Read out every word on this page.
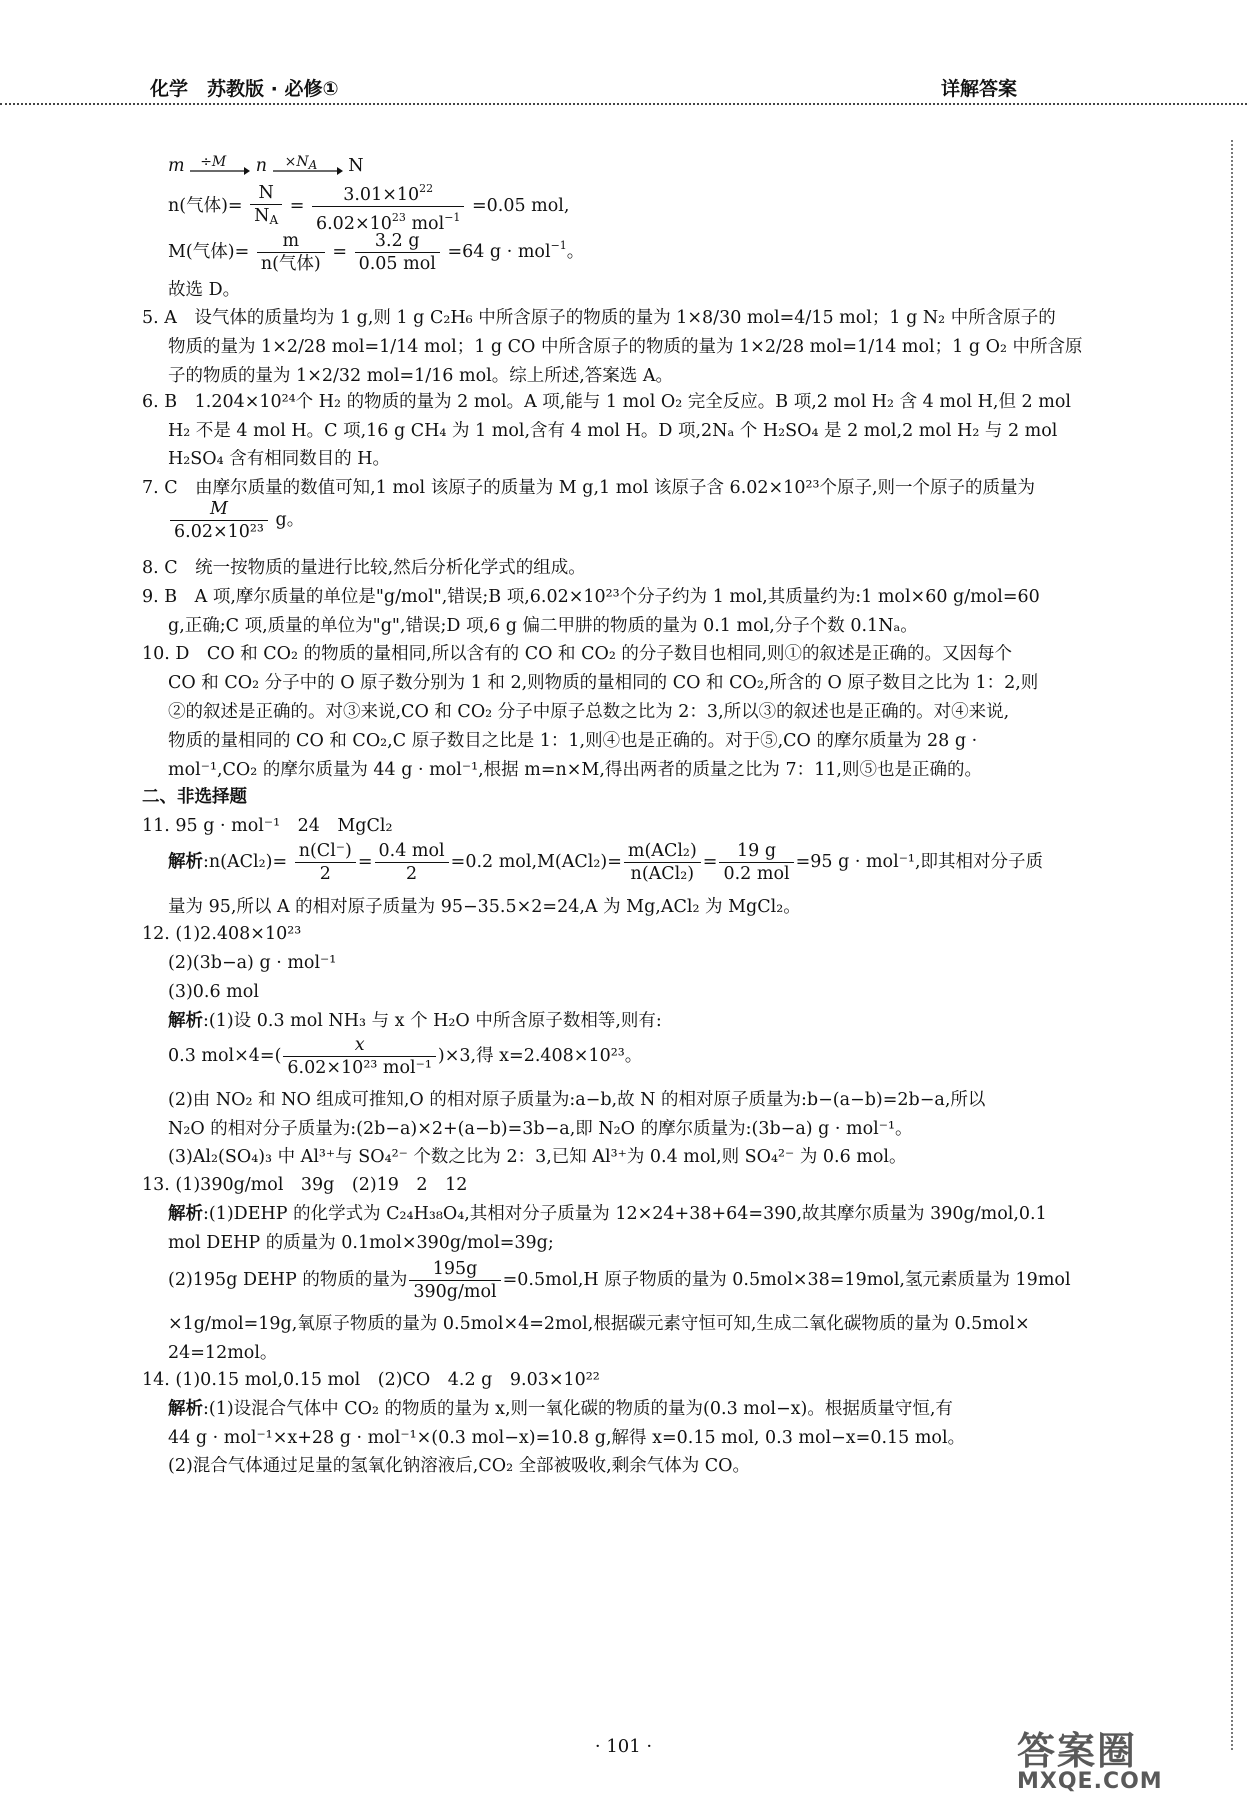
化学　苏教版 · 必修①	详解答案
m ÷M n ×NA N
n(气体)= $\frac{N}{N_A} = \frac{3.01\times 10^{22}}{6.02\times 10^{23} mol^{-1}} =0.05$ mol,
M(气体)= $\frac{m}{\text{n(气体)}} = \frac{3.2 g}{\text{0.05 mol}} =64$ g · mol$^{-1}$。
故选 D。
5. A　设气体的质量均为 1 g,则 1 g C₂H₆ 中所含原子的物质的量为 1×8/30 mol=4/15 mol；1 g N₂ 中所含原子的
物质的量为 1×2/28 mol=1/14 mol；1 g CO 中所含原子的物质的量为 1×2/28 mol=1/14 mol；1 g O₂ 中所含原
子的物质的量为 1×2/32 mol=1/16 mol。综上所述,答案选 A。
6. B　1.204×10²⁴个 H₂ 的物质的量为 2 mol。A 项,能与 1 mol O₂ 完全反应。B 项,2 mol H₂ 含 4 mol H,但 2 mol
H₂ 不是 4 mol H。C 项,16 g CH₄ 为 1 mol,含有 4 mol H。D 项,2Nₐ 个 H₂SO₄ 是 2 mol,2 mol H₂ 与 2 mol
H₂SO₄ 含有相同数目的 H。
7. C　由摩尔质量的数值可知,1 mol 该原子的质量为 M g,1 mol 该原子含 6.02×10²³个原子,则一个原子的质量为
$\frac{M}{\text{6.02×10²³}}$ g。
8. C　统一按物质的量进行比较,然后分析化学式的组成。
9. B　A 项,摩尔质量的单位是"g/mol",错误;B 项,6.02×10²³个分子约为 1 mol,其质量约为:1 mol×60 g/mol=60
g,正确;C 项,质量的单位为"g",错误;D 项,6 g 偏二甲肼的物质的量为 0.1 mol,分子个数 0.1Nₐ。
10. D　CO 和 CO₂ 的物质的量相同,所以含有的 CO 和 CO₂ 的分子数目也相同,则①的叙述是正确的。又因每个
CO 和 CO₂ 分子中的 O 原子数分别为 1 和 2,则物质的量相同的 CO 和 CO₂,所含的 O 原子数目之比为 1：2,则
②的叙述是正确的。对③来说,CO 和 CO₂ 分子中原子总数之比为 2：3,所以③的叙述也是正确的。对④来说,
物质的量相同的 CO 和 CO₂,C 原子数目之比是 1：1,则④也是正确的。对于⑤,CO 的摩尔质量为 28 g ·
mol⁻¹,CO₂ 的摩尔质量为 44 g · mol⁻¹,根据 m=n×M,得出两者的质量之比为 7：11,则⑤也是正确的。
二、非选择题
11. 95 g · mol⁻¹　24　MgCl₂
解析:n(ACl₂)= $\frac{n(Cl^-)}{2} = \frac{\text{0.4 mol}}{2} =0.2$ $mol,M(ACl_2)= \frac{\text{m(ACl₂)}}{\text{n(ACl₂)}} = \frac{19 g}{\text{0.2 mol}} =95$ g · mol⁻¹,即其相对分子质
量为 95,所以 A 的相对原子质量为 95−35.5×2=24,A 为 Mg,ACl₂ 为 MgCl₂。
12. (1)2.408×10²³
(2)(3b−a) g · mol⁻¹
(3)0.6 mol
解析:(1)设 0.3 mol NH₃ 与 x 个 H₂O 中所含原子数相等,则有:
0.3 $mol\times 4=( \frac{x}{\text{6.02×10²³ mol⁻¹}} )\times 3$,得 x=2.408×10²³。
(2)由 NO₂ 和 NO 组成可推知,O 的相对原子质量为:a−b,故 N 的相对原子质量为:b−(a−b)=2b−a,所以
N₂O 的相对分子质量为:(2b−a)×2+(a−b)=3b−a,即 N₂O 的摩尔质量为:(3b−a) g · mol⁻¹。
(3)Al₂(SO₄)₃ 中 Al³⁺与 SO₄²⁻ 个数之比为 2：3,已知 Al³⁺为 0.4 mol,则 SO₄²⁻ 为 0.6 mol。
13. (1)390g/mol　39g　(2)19　2　12
解析:(1)DEHP 的化学式为 C₂₄H₃₈O₄,其相对分子质量为 12×24+38+64=390,故其摩尔质量为 390g/mol,0.1
mol DEHP 的质量为 0.1mol×390g/mol=39g;
(2)195g DEHP 的物质的量为 $\frac{195g}{\text{390g/mol}} =0.5mol,H$ 原子物质的量为 0.5mol×38=19mol,氢元素质量为 19mol
×1g/mol=19g,氧原子物质的量为 0.5mol×4=2mol,根据碳元素守恒可知,生成二氧化碳物质的量为 0.5mol×
24=12mol。
14. (1)0.15 mol,0.15 mol　(2)CO　4.2 g　9.03×10²²
解析:(1)设混合气体中 CO₂ 的物质的量为 x,则一氧化碳的物质的量为(0.3 mol−x)。根据质量守恒,有
44 g · mol⁻¹×x+28 g · mol⁻¹×(0.3 mol−x)=10.8 g,解得 x=0.15 mol, 0.3 mol−x=0.15 mol。
(2)混合气体通过足量的氢氧化钠溶液后,CO₂ 全部被吸收,剩余气体为 CO。
· 101 ·	答案圈
MXQE.COM
